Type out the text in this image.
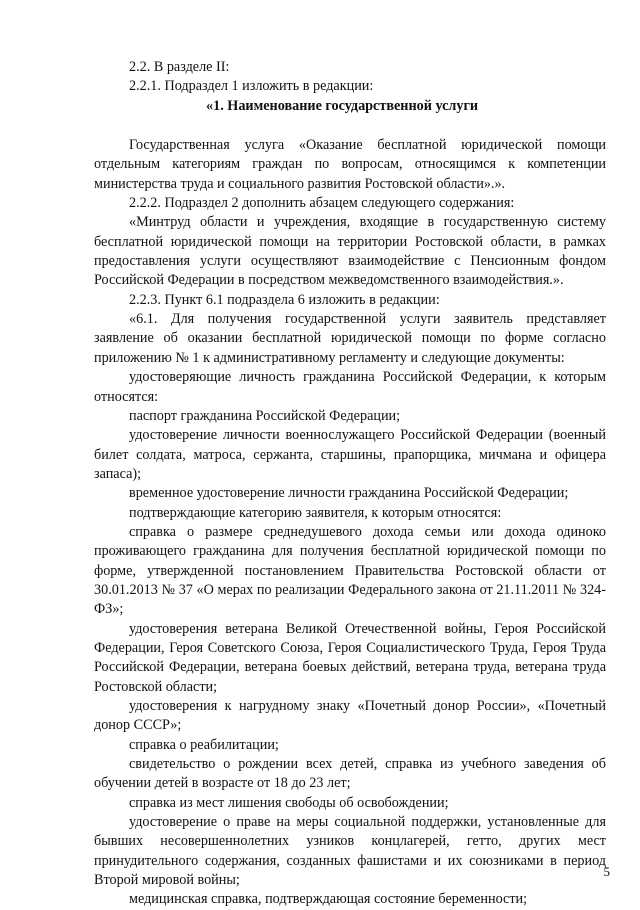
2.2. В разделе II:

2.2.1. Подраздел 1 изложить в редакции:

«1. Наименование государственной услуги

Государственная услуга «Оказание бесплатной юридической помощи отдельным категориям граждан по вопросам, относящимся к компетенции министерства труда и социального развития Ростовской области».».

2.2.2. Подраздел 2 дополнить абзацем следующего содержания:

«Минтруд области и учреждения, входящие в государственную систему бесплатной юридической помощи на территории Ростовской области, в рамках предоставления услуги осуществляют взаимодействие с Пенсионным фондом Российской Федерации в посредством межведомственного взаимодействия.».

2.2.3. Пункт 6.1 подраздела 6 изложить в редакции:

«6.1. Для получения государственной услуги заявитель представляет заявление об оказании бесплатной юридической помощи по форме согласно приложению № 1 к административному регламенту и следующие документы:

удостоверяющие личность гражданина Российской Федерации, к которым относятся:

паспорт гражданина Российской Федерации;

удостоверение личности военнослужащего Российской Федерации (военный билет солдата, матроса, сержанта, старшины, прапорщика, мичмана и офицера запаса);

временное удостоверение личности гражданина Российской Федерации;

подтверждающие категорию заявителя, к которым относятся:

справка о размере среднедушевого дохода семьи или дохода одиноко проживающего гражданина для получения бесплатной юридической помощи по форме, утвержденной постановлением Правительства Ростовской области от 30.01.2013 № 37 «О мерах по реализации Федерального закона от 21.11.2011 № 324-ФЗ»;

удостоверения ветерана Великой Отечественной войны, Героя Российской Федерации, Героя Советского Союза, Героя Социалистического Труда, Героя Труда Российской Федерации, ветерана боевых действий, ветерана труда, ветерана труда Ростовской области;

удостоверения к нагрудному знаку «Почетный донор России», «Почетный донор СССР»;

справка о реабилитации;

свидетельство о рождении всех детей, справка из учебного заведения об обучении детей в возрасте от 18 до 23 лет;

справка из мест лишения свободы об освобождении;

удостоверение о праве на меры социальной поддержки, установленные для бывших несовершеннолетних узников концлагерей, гетто, других мест принудительного содержания, созданных фашистами и их союзниками в период Второй мировой войны;

медицинская справка, подтверждающая состояние беременности;

5
